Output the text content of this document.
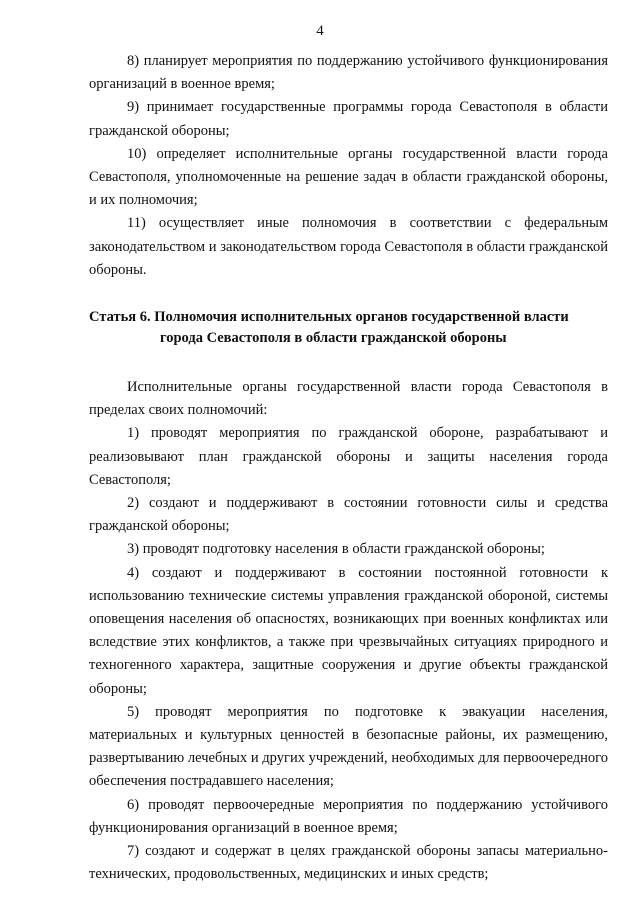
4

8) планирует мероприятия по поддержанию устойчивого функционирования организаций в военное время;

9) принимает государственные программы города Севастополя в области гражданской обороны;

10) определяет исполнительные органы государственной власти города Севастополя, уполномоченные на решение задач в области гражданской обороны, и их полномочия;

11) осуществляет иные полномочия в соответствии с федеральным законодательством и законодательством города Севастополя в области гражданской обороны.

Статья 6. Полномочия исполнительных органов государственной власти
города Севастополя в области гражданской обороны

Исполнительные органы государственной власти города Севастополя в пределах своих полномочий:

1) проводят мероприятия по гражданской обороне, разрабатывают и реализовывают план гражданской обороны и защиты населения города Севастополя;

2) создают и поддерживают в состоянии готовности силы и средства гражданской обороны;

3) проводят подготовку населения в области гражданской обороны;

4) создают и поддерживают в состоянии постоянной готовности к использованию технические системы управления гражданской обороной, системы оповещения населения об опасностях, возникающих при военных конфликтах или вследствие этих конфликтов, а также при чрезвычайных ситуациях природного и техногенного характера, защитные сооружения и другие объекты гражданской обороны;

5) проводят мероприятия по подготовке к эвакуации населения, материальных и культурных ценностей в безопасные районы, их размещению, развертыванию лечебных и других учреждений, необходимых для первоочередного обеспечения пострадавшего населения;

6) проводят первоочередные мероприятия по поддержанию устойчивого функционирования организаций в военное время;

7) создают и содержат в целях гражданской обороны запасы материально-технических, продовольственных, медицинских и иных средств;
